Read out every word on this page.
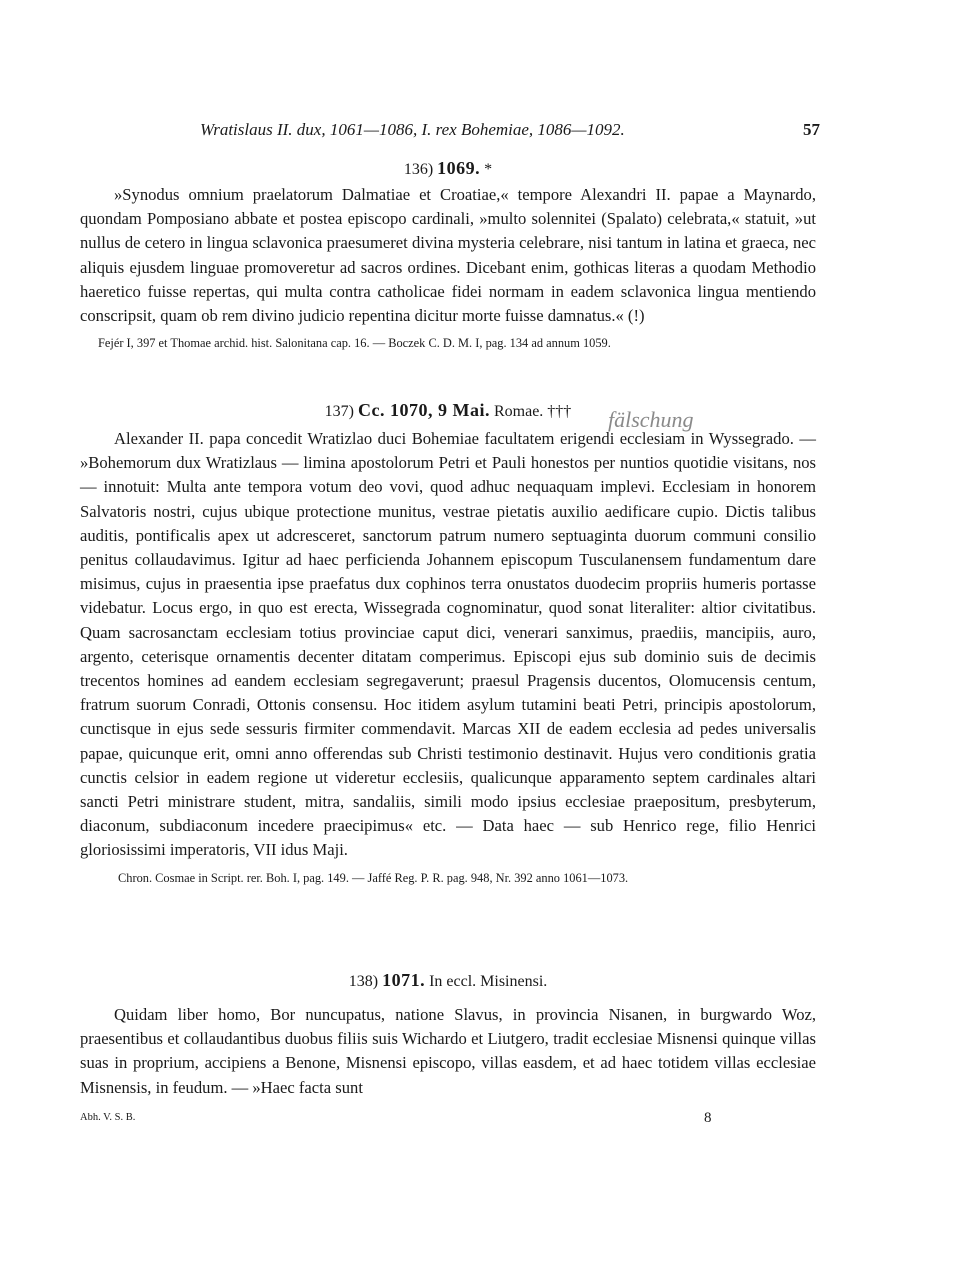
Wratislaus II. dux, 1061—1086, I. rex Bohemiae, 1086—1092.	57

136) 1069. *

»Synodus omnium praelatorum Dalmatiae et Croatiae,« tempore Alexandri II. papae a Maynardo, quondam Pomposiano abbate et postea episcopo cardinali, »multo solennitei (Spalato) celebrata,« statuit, »ut nullus de cetero in lingua sclavonica praesumeret divina mysteria celebrare, nisi tantum in latina et graeca, nec aliquis ejusdem linguae promoveretur ad sacros ordines. Dicebant enim, gothicas literas a quodam Methodio haeretico fuisse repertas, qui multa contra catholicae fidei normam in eadem sclavonica lingua mentiendo conscripsit, quam ob rem divino judicio repentina dicitur morte fuisse damnatus.« (!)

Fejér I, 397 et Thomae archid. hist. Salonitana cap. 16. — Boczek C. D. M. I, pag. 134 ad annum 1059.

137) Cc. 1070, 9 Mai. Romae. †††

Alexander II. papa concedit Wratizlao duci Bohemiae facultatem erigendi ecclesiam in Wyssegrado. — »Bohemorum dux Wratizlaus — limina apostolorum Petri et Pauli honestos per nuntios quotidie visitans, nos — innotuit: Multa ante tempora votum deo vovi, quod adhuc nequaquam implevi. Ecclesiam in honorem Salvatoris nostri, cujus ubique protectione munitus, vestrae pietatis auxilio aedificare cupio. Dictis talibus auditis, pontificalis apex ut adcresceret, sanctorum patrum numero septuaginta duorum communi consilio penitus collaudavimus. Igitur ad haec perficienda Johannem episcopum Tusculanensem fundamentum dare misimus, cujus in praesentia ipse praefatus dux cophinos terra onustatos duodecim propriis humeris portasse videbatur. Locus ergo, in quo est erecta, Wissegrada cognominatur, quod sonat literaliter: altior civitatibus. Quam sacrosanctam ecclesiam totius provinciae caput dici, venerari sanximus, praediis, mancipiis, auro, argento, ceterisque ornamentis decenter ditatam comperimus. Episcopi ejus sub dominio suis de decimis trecentos homines ad eandem ecclesiam segregaverunt; praesul Pragensis ducentos, Olomucensis centum, fratrum suorum Conradi, Ottonis consensu. Hoc itidem asylum tutamini beati Petri, principis apostolorum, cunctisque in ejus sede sessuris firmiter commendavit. Marcas XII de eadem ecclesia ad pedes universalis papae, quicunque erit, omni anno offerendas sub Christi testimonio destinavit. Hujus vero conditionis gratia cunctis celsior in eadem regione ut videretur ecclesiis, qualicunque apparamento septem cardinales altari sancti Petri ministrare student, mitra, sandaliis, simili modo ipsius ecclesiae praepositum, presbyterum, diaconum, subdiaconum incedere praecipimus« etc. — Data haec — sub Henrico rege, filio Henrici gloriosissimi imperatoris, VII idus Maji.

Chron. Cosmae in Script. rer. Boh. I, pag. 149. — Jaffé Reg. P. R. pag. 948, Nr. 392 anno 1061—1073.

138) 1071. In eccl. Misinensi.

Quidam liber homo, Bor nuncupatus, natione Slavus, in provincia Nisanen, in burgwardo Woz, praesentibus et collaudantibus duobus filiis suis Wichardo et Liutgero, tradit ecclesiae Misnensi quinque villas suas in proprium, accipiens a Benone, Misnensi episcopo, villas easdem, et ad haec totidem villas ecclesiae Misnensis, in feudum. — »Haec facta sunt

fälschung
Abh. V. S. B.	8
